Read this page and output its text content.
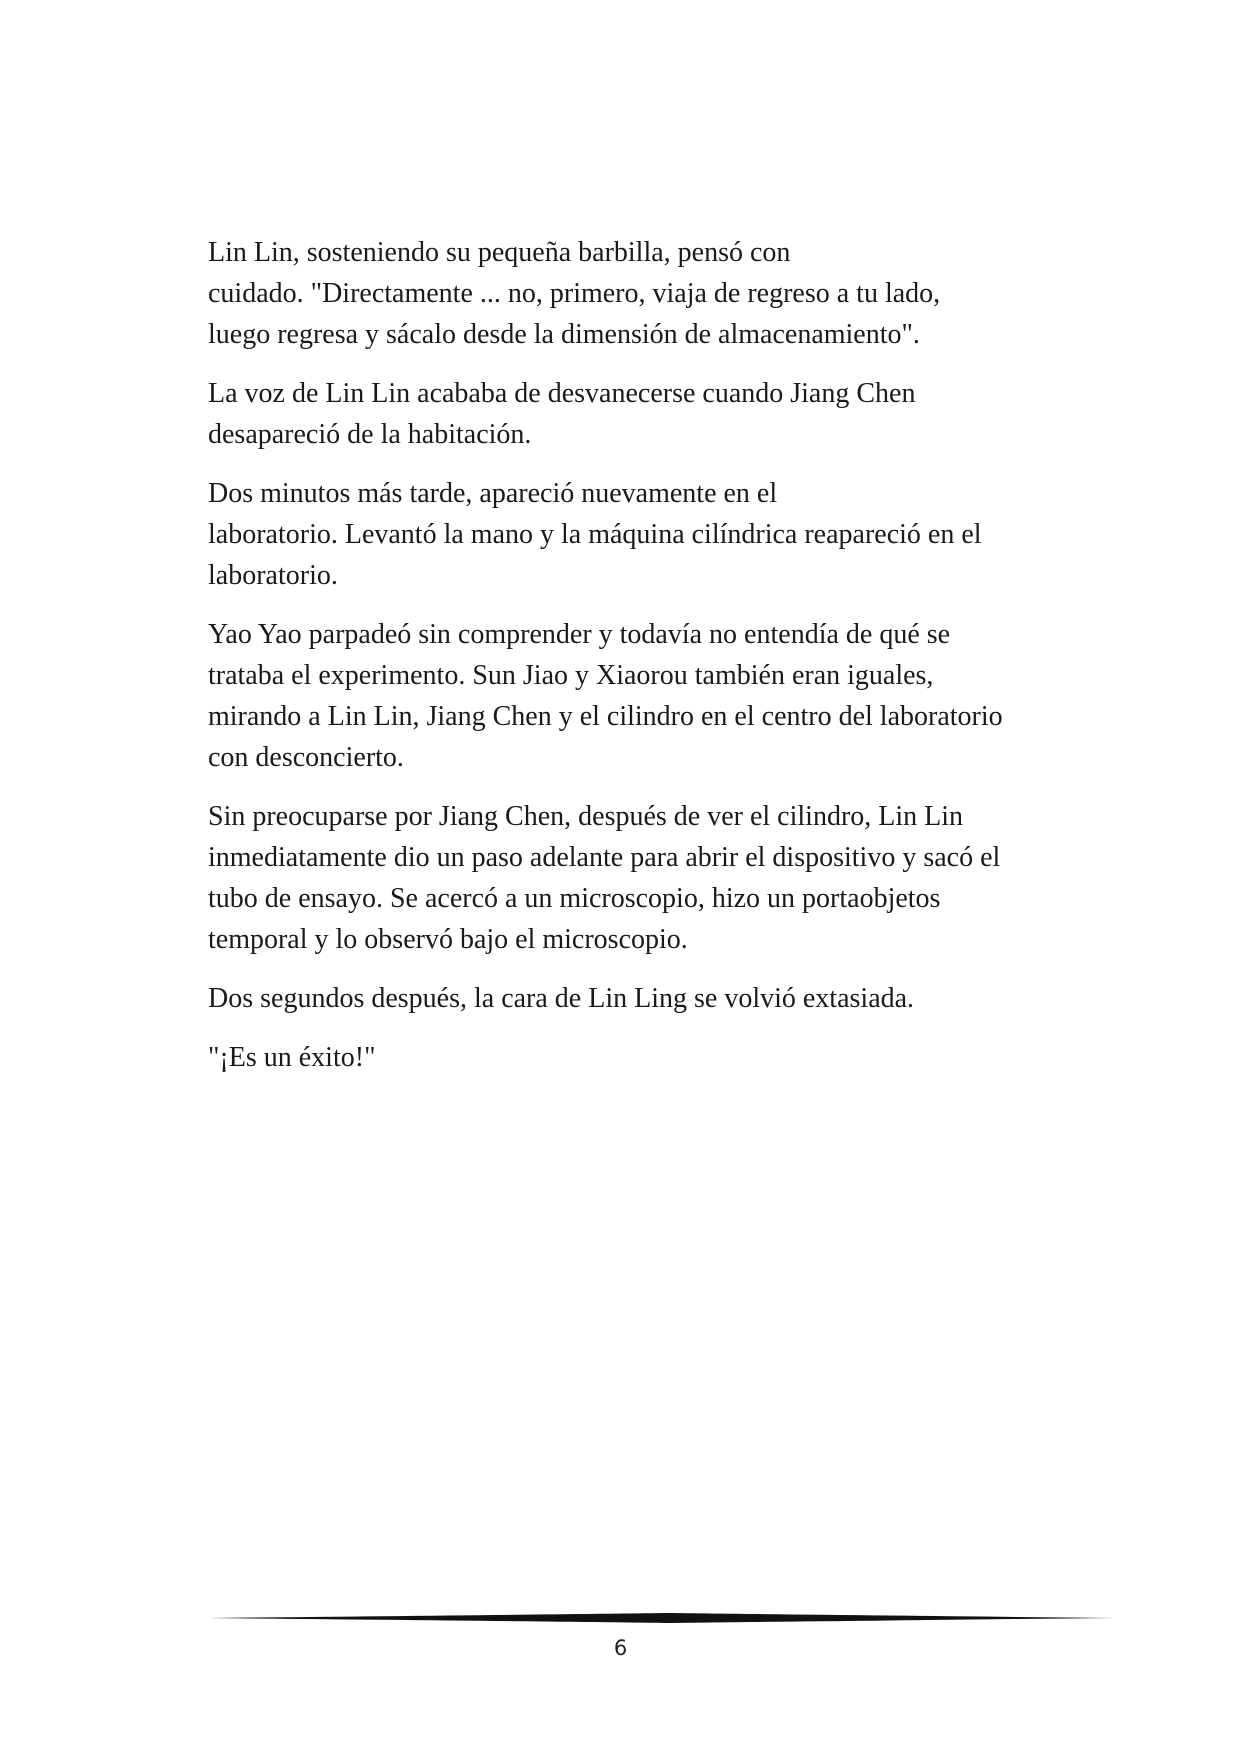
Lin Lin, sosteniendo su pequeña barbilla, pensó con
cuidado. "Directamente ... no, primero, viaja de regreso a tu lado,
luego regresa y sácalo desde la dimensión de almacenamiento".

La voz de Lin Lin acababa de desvanecerse cuando Jiang Chen
desapareció de la habitación.

Dos minutos más tarde, apareció nuevamente en el
laboratorio. Levantó la mano y la máquina cilíndrica reapareció en el
laboratorio.

Yao Yao parpadeó sin comprender y todavía no entendía de qué se
trataba el experimento. Sun Jiao y Xiaorou también eran iguales,
mirando a Lin Lin, Jiang Chen y el cilindro en el centro del laboratorio
con desconcierto.

Sin preocuparse por Jiang Chen, después de ver el cilindro, Lin Lin
inmediatamente dio un paso adelante para abrir el dispositivo y sacó el
tubo de ensayo. Se acercó a un microscopio, hizo un portaobjetos
temporal y lo observó bajo el microscopio.

Dos segundos después, la cara de Lin Ling se volvió extasiada.

"¡Es un éxito!"

6
